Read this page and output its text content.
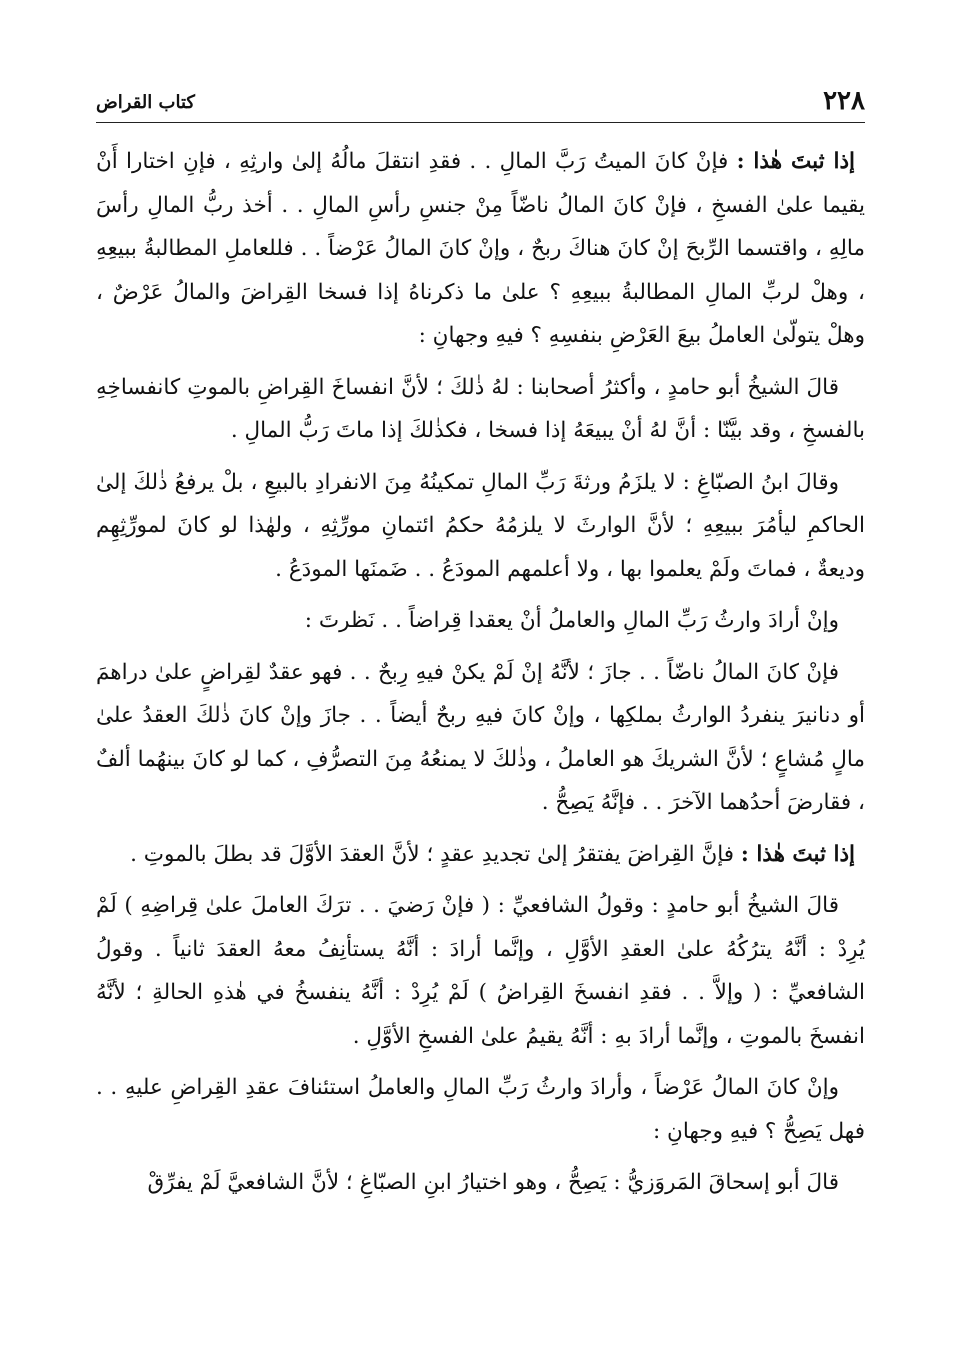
٢٢٨
كتاب القراض

إذا ثبتَ هٰذا : فإنْ كانَ الميتُ رَبَّ المالِ . . فقدِ انتقلَ مالُهُ إلىٰ وارثِهِ ، فإنِ اختارا أَنْ يقيما علىٰ الفسخِ ، فإنْ كانَ المالُ ناضّاً مِنْ جنسِ رأسِ المالِ . . أخذ ربُّ المالِ رأسَ مالِهِ ، واقتسما الرِّبحَ إنْ كانَ هناكَ ربحٌ ، وإنْ كانَ المالُ عَرْضاً . . فللعاملِ المطالبةُ ببيعِهِ ، وهلْ لربِّ المالِ المطالبةُ ببيعِهِ ؟ علىٰ ما ذكرناهُ إذا فسخا القِراضَ والمالُ عَرْضٌ ، وهلْ يتولّىٰ العاملُ بيعَ العَرْضِ بنفسِهِ ؟ فيهِ وجهانِ :

قالَ الشيخُ أبو حامدٍ ، وأكثرُ أصحابنا : لهُ ذٰلكَ ؛ لأنَّ انفساخَ القِراضِ بالموتِ كانفساخِهِ بالفسخِ ، وقد بيَّنّا : أنَّ لهُ أنْ يبيعَهُ إذا فسخا ، فكذٰلكَ إذا ماتَ رَبُّ المالِ .

وقالَ ابنُ الصبّاغِ : لا يلزَمُ ورثةَ رَبِّ المالِ تمكينُهُ مِنَ الانفرادِ بالبيعِ ، بلْ يرفعُ ذٰلكَ إلىٰ الحاكمِ ليأمُرَ ببيعِهِ ؛ لأنَّ الوارثَ لا يلزمُهُ حكمُ ائتمانِ مورِّثِهِ ، ولهٰذا لو كانَ لمورِّثِهِم وديعةٌ ، فماتَ ولَمْ يعلموا بها ، ولا أعلمهم المودَعُ . . ضَمنَها المودَعُ .

وإنْ أرادَ وارثُ رَبِّ المالِ والعاملُ أنْ يعقدا قِراضاً . . نَظرتَ :

فإنْ كانَ المالُ ناضّاً . . جازَ ؛ لأنَّهُ إنْ لَمْ يكنْ فيهِ رِبحٌ . . فهو عقدٌ لقِراضٍ علىٰ دراهمَ أو دنانيرَ ينفردُ الوارثُ بملكِها ، وإنْ كانَ فيهِ ربحٌ أيضاً . . جازَ وإنْ كانَ ذٰلكَ العقدُ علىٰ مالٍ مُشاعٍ ؛ لأنَّ الشريكَ هو العاملُ ، وذٰلكَ لا يمنعُهُ مِنَ التصرُّفِ ، كما لو كانَ بينهُما ألفٌ ، فقارضَ أحدُهما الآخرَ . . فإنَّهُ يَصِحُّ .

إذا ثبتَ هٰذا : فإنَّ القِراضَ يفتقرُ إلىٰ تجديدِ عقدٍ ؛ لأنَّ العقدَ الأوَّلَ قد بطلَ بالموتِ .

قالَ الشيخُ أبو حامدٍ : وقولُ الشافعيِّ : ( فإنْ رَضيَ . . ترَكَ العاملَ علىٰ قِراضِهِ ) لَمْ يُرِدْ : أنَّهُ يترُكُهُ علىٰ العقدِ الأوَّلِ ، وإنَّما أرادَ : أنَّهُ يستأنِفُ معهُ العقدَ ثانياً . وقولُ الشافعيِّ : ( وإلاَّ . . فقدِ انفسخَ القِراضُ ) لَمْ يُرِدْ : أنَّهُ ينفسخُ في هٰذهِ الحالةِ ؛ لأنَّهُ انفسخَ بالموتِ ، وإنَّما أرادَ بهِ : أنَّهُ يقيمُ علىٰ الفسخِ الأوَّلِ .

وإنْ كانَ المالُ عَرْضاً ، وأرادَ وارثُ رَبِّ المالِ والعاملُ استئنافَ عقدِ القِراضِ عليهِ . . فهل يَصِحُّ ؟ فيهِ وجهانِ :

قالَ أبو إسحاقَ المَروَزيُّ : يَصِحُّ ، وهو اختيارُ ابنِ الصبّاغِ ؛ لأنَّ الشافعيَّ لَمْ يفرِّقْ
